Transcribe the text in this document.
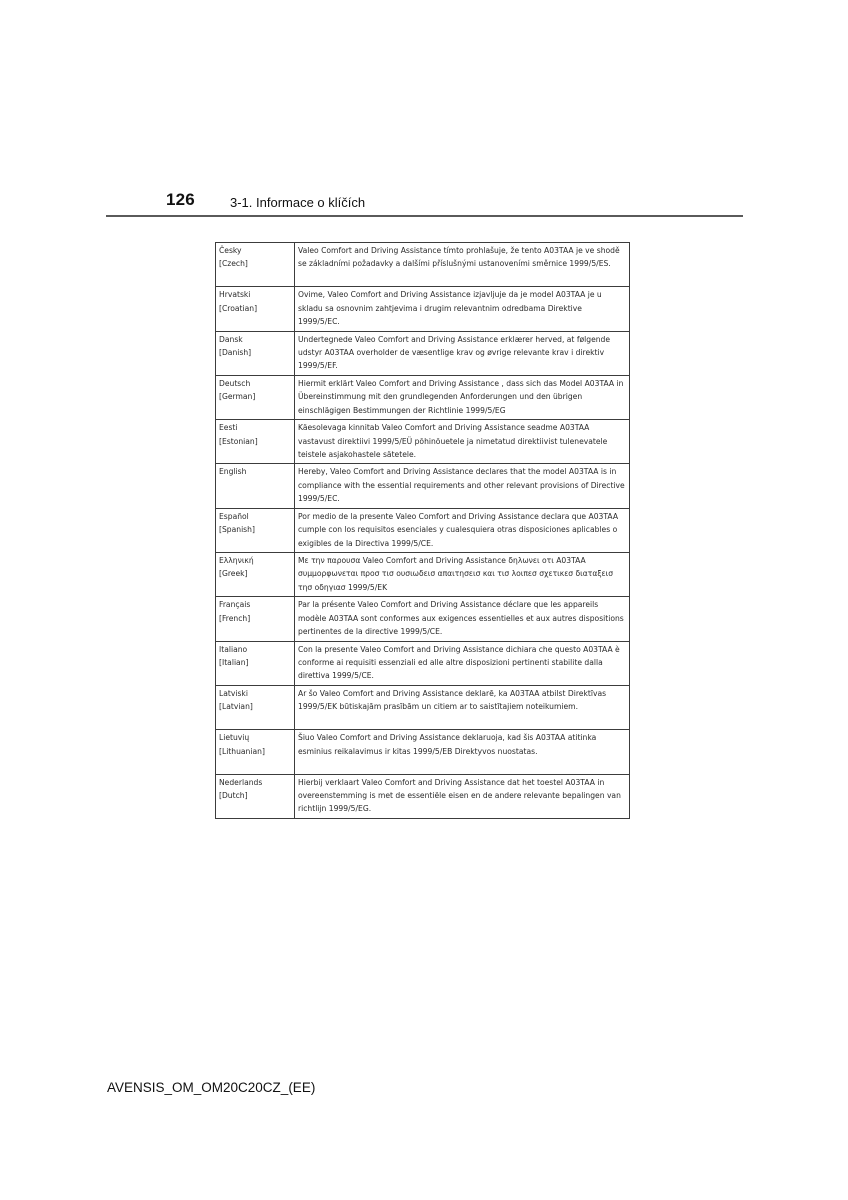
126	3-1. Informace o klíčích
Česky
[Czech]	Valeo Comfort and Driving Assistance tímto prohlašuje, že tento A03TAA je ve shodě se základními požadavky a dalšími příslušnými ustanoveními směrnice 1999/5/ES.

Hrvatski
[Croatian]	Ovime, Valeo Comfort and Driving Assistance izjavljuje da je model A03TAA je u skladu sa osnovnim zahtjevima i drugim relevantnim odredbama Direktive 1999/5/EC.

Dansk
[Danish]	Undertegnede Valeo Comfort and Driving Assistance erklærer herved, at følgende udstyr A03TAA overholder de væsentlige krav og øvrige relevante krav i direktiv 1999/5/EF.

Deutsch
[German]	Hiermit erklärt Valeo Comfort and Driving Assistance , dass sich das Model A03TAA in Übereinstimmung mit den grundlegenden Anforderungen und den übrigen einschlägigen Bestimmungen der Richtlinie 1999/5/EG

Eesti
[Estonian]	Käesolevaga kinnitab Valeo Comfort and Driving Assistance seadme A03TAA vastavust direktiivi 1999/5/EÜ põhinõuetele ja nimetatud direktiivist tulenevatele teistele asjakohastele sätetele.

English	Hereby, Valeo Comfort and Driving Assistance declares that the model A03TAA is in compliance with the essential requirements and other relevant provisions of Directive 1999/5/EC.

Español
[Spanish]	Por medio de la presente Valeo Comfort and Driving Assistance declara que A03TAA cumple con los requisitos esenciales y cualesquiera otras disposiciones aplicables o exigibles de la Directiva 1999/5/CE.

Ελληνική
[Greek]	Με την παρουσα Valeo Comfort and Driving Assistance δηλωνει οτι A03TAA συμμορφωνεται προσ τισ ουσιωδεισ απαιτησεισ και τισ λοιπεσ σχετικεσ διαταξεισ τησ οδηγιασ 1999/5/ΕΚ

Français
[French]	Par la présente Valeo Comfort and Driving Assistance déclare que les appareils modèle A03TAA sont conformes aux exigences essentielles et aux autres dispositions pertinentes de la directive 1999/5/CE.

Italiano
[Italian]	Con la presente Valeo Comfort and Driving Assistance dichiara che questo A03TAA è conforme ai requisiti essenziali ed alle altre disposizioni pertinenti stabilite dalla direttiva 1999/5/CE.

Latviski
[Latvian]	Ar šo Valeo Comfort and Driving Assistance deklarē, ka A03TAA atbilst Direktīvas 1999/5/EK būtiskajām prasībām un citiem ar to saistītajiem noteikumiem.

Lietuvių
[Lithuanian]	Šiuo Valeo Comfort and Driving Assistance deklaruoja, kad šis A03TAA atitinka esminius reikalavimus ir kitas 1999/5/EB Direktyvos nuostatas.

Nederlands
[Dutch]	Hierbij verklaart Valeo Comfort and Driving Assistance dat het toestel A03TAA in overeenstemming is met de essentiële eisen en de andere relevante bepalingen van richtlijn 1999/5/EG.
AVENSIS_OM_OM20C20CZ_(EE)
